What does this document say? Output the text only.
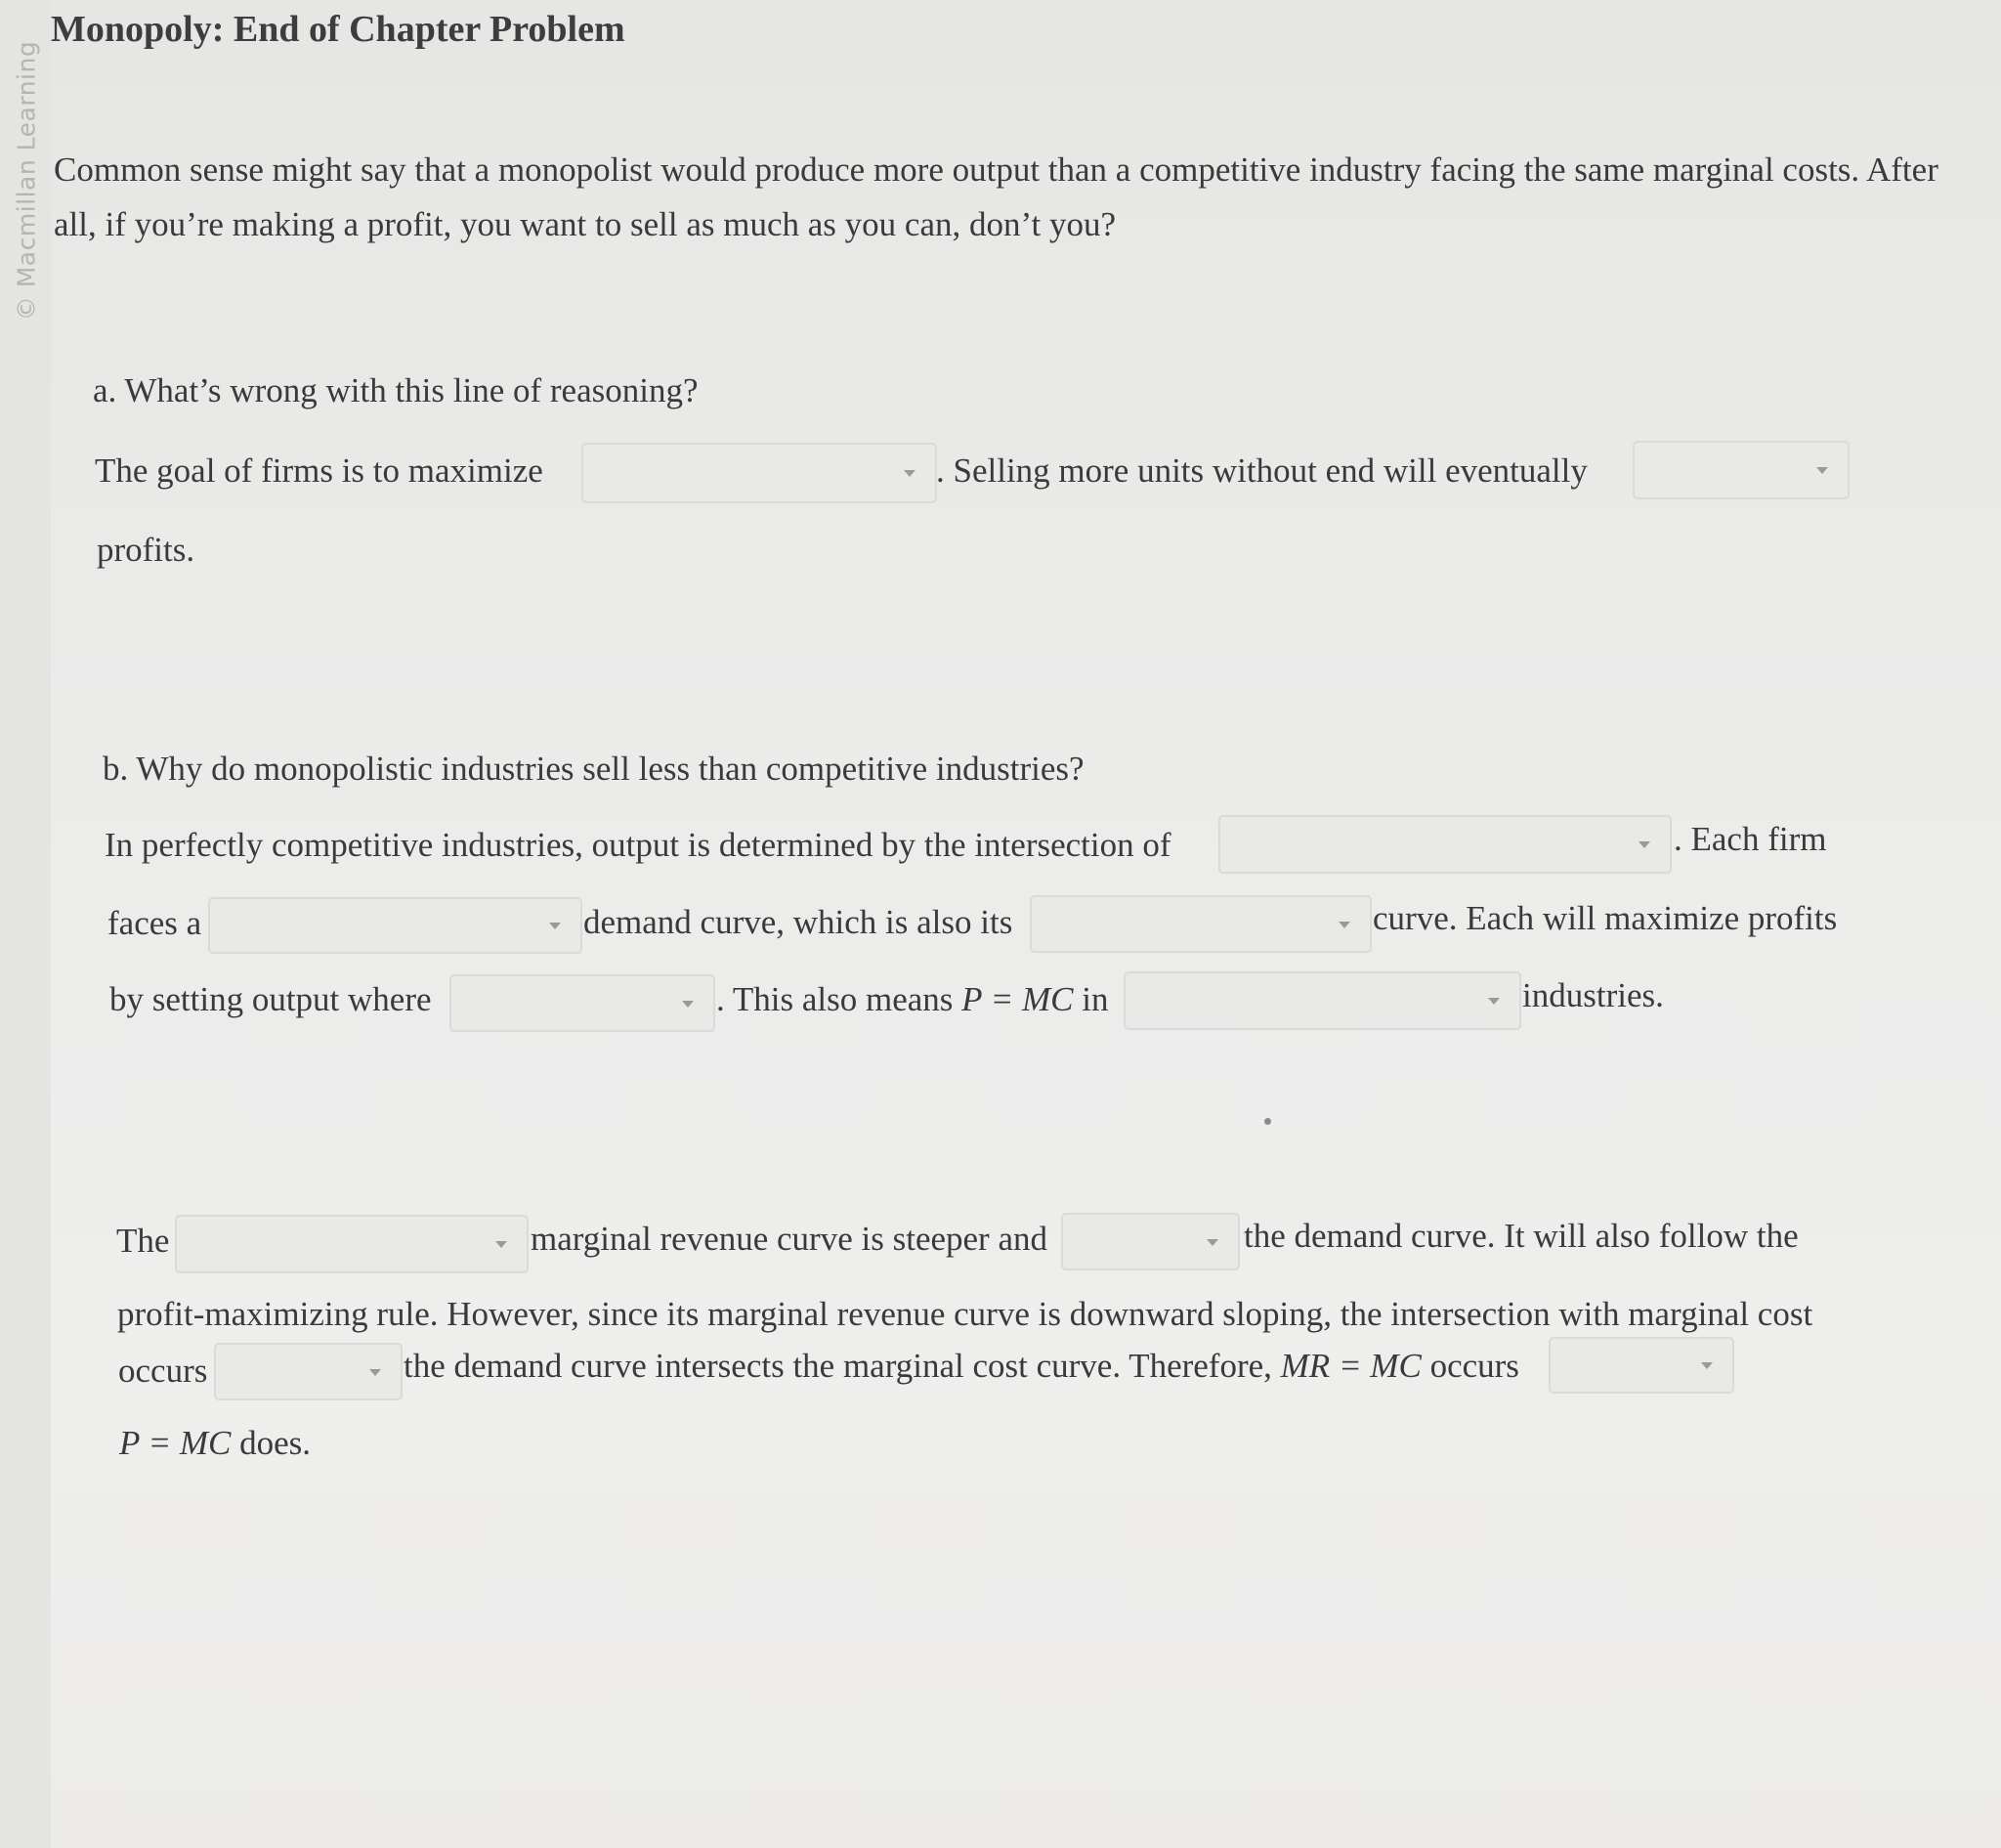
© Macmillan Learning
Monopoly: End of Chapter Problem
Common sense might say that a monopolist would produce more output than a competitive industry facing the same marginal costs. After all, if you’re making a profit, you want to sell as much as you can, don’t you?
a. What’s wrong with this line of reasoning?
The goal of firms is to maximize	. Selling more units without end will eventually
profits.
b. Why do monopolistic industries sell less than competitive industries?
In perfectly competitive industries, output is determined by the intersection of	. Each firm
faces a	demand curve, which is also its	curve. Each will maximize profits
by setting output where	. This also means P = MC in	industries.
The	marginal revenue curve is steeper and	the demand curve. It will also follow the
profit-maximizing rule. However, since its marginal revenue curve is downward sloping, the intersection with marginal cost
occurs	the demand curve intersects the marginal cost curve. Therefore, MR = MC occurs
P = MC does.
